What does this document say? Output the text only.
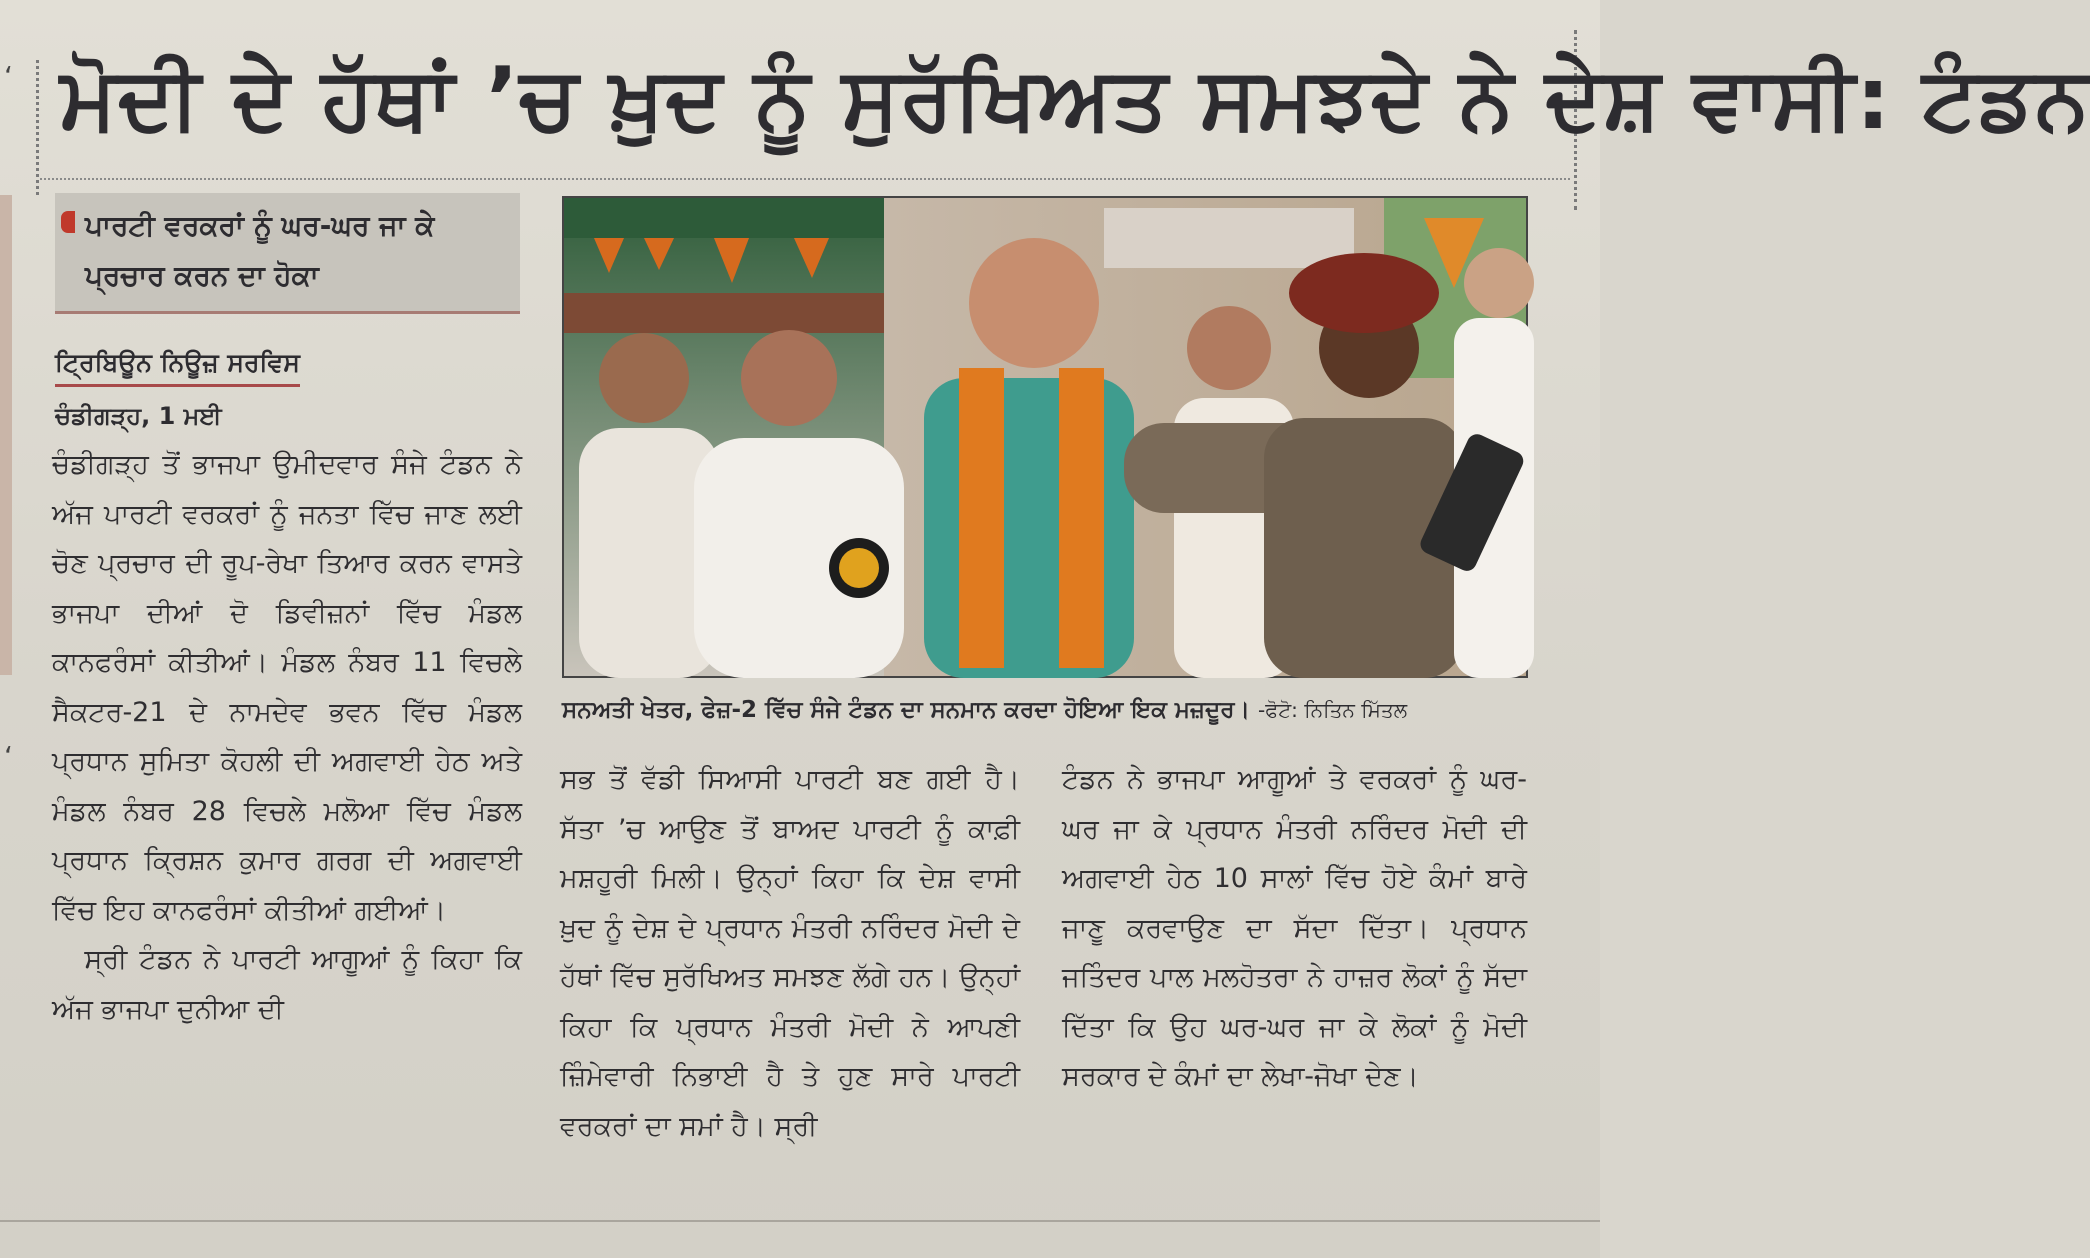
‘
‘
ਮੋਦੀ ਦੇ ਹੱਥਾਂ ’ਚ ਖ਼ੁਦ ਨੂੰ ਸੁਰੱਖਿਅਤ ਸਮਝਦੇ ਨੇ ਦੇਸ਼ ਵਾਸੀ: ਟੰਡਨ
ਪਾਰਟੀ ਵਰਕਰਾਂ ਨੂੰ ਘਰ-ਘਰ ਜਾ ਕੇ ਪ੍ਰਚਾਰ ਕਰਨ ਦਾ ਹੋਕਾ
ਟ੍ਰਿਬਿਊਨ ਨਿਊਜ਼ ਸਰਵਿਸ
ਚੰਡੀਗੜ੍ਹ, 1 ਮਈ

ਚੰਡੀਗੜ੍ਹ ਤੋਂ ਭਾਜਪਾ ਉਮੀਦਵਾਰ ਸੰਜੇ ਟੰਡਨ ਨੇ ਅੱਜ ਪਾਰਟੀ ਵਰਕਰਾਂ ਨੂੰ ਜਨਤਾ ਵਿੱਚ ਜਾਣ ਲਈ ਚੋਣ ਪ੍ਰਚਾਰ ਦੀ ਰੂਪ-ਰੇਖਾ ਤਿਆਰ ਕਰਨ ਵਾਸਤੇ ਭਾਜਪਾ ਦੀਆਂ ਦੋ ਡਿਵੀਜ਼ਨਾਂ ਵਿੱਚ ਮੰਡਲ ਕਾਨਫਰੰਸਾਂ ਕੀਤੀਆਂ। ਮੰਡਲ ਨੰਬਰ 11 ਵਿਚਲੇ ਸੈਕਟਰ-21 ਦੇ ਨਾਮਦੇਵ ਭਵਨ ਵਿੱਚ ਮੰਡਲ ਪ੍ਰਧਾਨ ਸੁਮਿਤਾ ਕੋਹਲੀ ਦੀ ਅਗਵਾਈ ਹੇਠ ਅਤੇ ਮੰਡਲ ਨੰਬਰ 28 ਵਿਚਲੇ ਮਲੋਆ ਵਿੱਚ ਮੰਡਲ ਪ੍ਰਧਾਨ ਕ੍ਰਿਸ਼ਨ ਕੁਮਾਰ ਗਰਗ ਦੀ ਅਗਵਾਈ ਵਿੱਚ ਇਹ ਕਾਨਫਰੰਸਾਂ ਕੀਤੀਆਂ ਗਈਆਂ।

ਸ੍ਰੀ ਟੰਡਨ ਨੇ ਪਾਰਟੀ ਆਗੂਆਂ ਨੂੰ ਕਿਹਾ ਕਿ ਅੱਜ ਭਾਜਪਾ ਦੁਨੀਆ ਦੀ

ਸਨਅਤੀ ਖੇਤਰ, ਫੇਜ਼-2 ਵਿੱਚ ਸੰਜੇ ਟੰਡਨ ਦਾ ਸਨਮਾਨ ਕਰਦਾ ਹੋਇਆ ਇਕ ਮਜ਼ਦੂਰ। -ਫੋਟੋ: ਨਿਤਿਨ ਮਿੱਤਲ

ਸਭ ਤੋਂ ਵੱਡੀ ਸਿਆਸੀ ਪਾਰਟੀ ਬਣ ਗਈ ਹੈ। ਸੱਤਾ ’ਚ ਆਉਣ ਤੋਂ ਬਾਅਦ ਪਾਰਟੀ ਨੂੰ ਕਾਫ਼ੀ ਮਸ਼ਹੂਰੀ ਮਿਲੀ। ਉਨ੍ਹਾਂ ਕਿਹਾ ਕਿ ਦੇਸ਼ ਵਾਸੀ ਖ਼ੁਦ ਨੂੰ ਦੇਸ਼ ਦੇ ਪ੍ਰਧਾਨ ਮੰਤਰੀ ਨਰਿੰਦਰ ਮੋਦੀ ਦੇ ਹੱਥਾਂ ਵਿੱਚ ਸੁਰੱਖਿਅਤ ਸਮਝਣ ਲੱਗੇ ਹਨ। ਉਨ੍ਹਾਂ ਕਿਹਾ ਕਿ ਪ੍ਰਧਾਨ ਮੰਤਰੀ ਮੋਦੀ ਨੇ ਆਪਣੀ ਜ਼ਿੰਮੇਵਾਰੀ ਨਿਭਾਈ ਹੈ ਤੇ ਹੁਣ ਸਾਰੇ ਪਾਰਟੀ ਵਰਕਰਾਂ ਦਾ ਸਮਾਂ ਹੈ। ਸ੍ਰੀ

ਟੰਡਨ ਨੇ ਭਾਜਪਾ ਆਗੂਆਂ ਤੇ ਵਰਕਰਾਂ ਨੂੰ ਘਰ-ਘਰ ਜਾ ਕੇ ਪ੍ਰਧਾਨ ਮੰਤਰੀ ਨਰਿੰਦਰ ਮੋਦੀ ਦੀ ਅਗਵਾਈ ਹੇਠ 10 ਸਾਲਾਂ ਵਿੱਚ ਹੋਏ ਕੰਮਾਂ ਬਾਰੇ ਜਾਣੂ ਕਰਵਾਉਣ ਦਾ ਸੱਦਾ ਦਿੱਤਾ। ਪ੍ਰਧਾਨ ਜਤਿੰਦਰ ਪਾਲ ਮਲਹੋਤਰਾ ਨੇ ਹਾਜ਼ਰ ਲੋਕਾਂ ਨੂੰ ਸੱਦਾ ਦਿੱਤਾ ਕਿ ਉਹ ਘਰ-ਘਰ ਜਾ ਕੇ ਲੋਕਾਂ ਨੂੰ ਮੋਦੀ ਸਰਕਾਰ ਦੇ ਕੰਮਾਂ ਦਾ ਲੇਖਾ-ਜੋਖਾ ਦੇਣ।
